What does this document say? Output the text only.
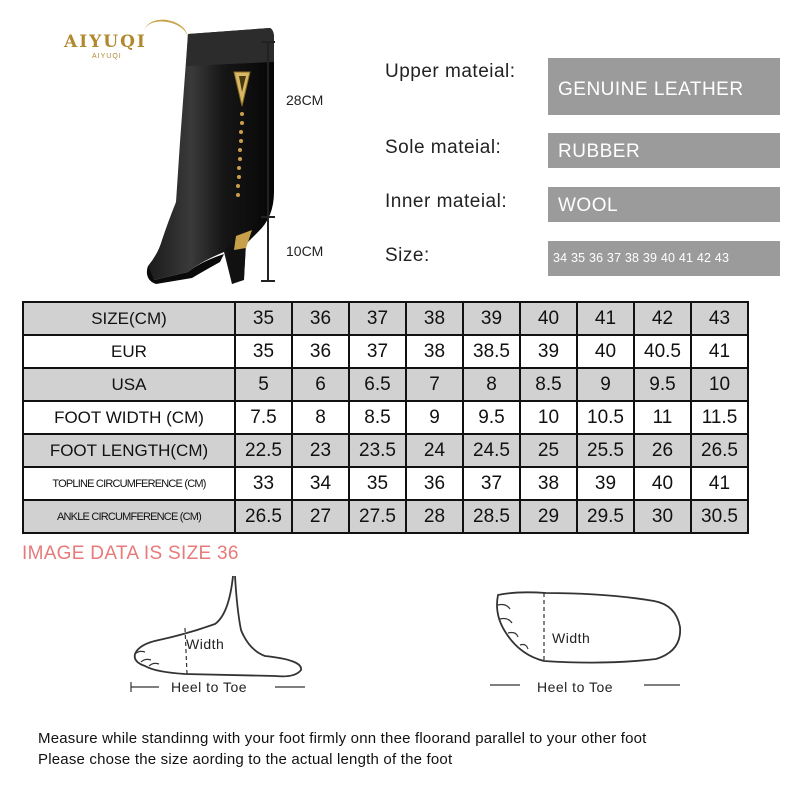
AIYUQI
AIYUQI
28CM
10CM
Upper mateial:
GENUINE LEATHER
Sole mateial:	RUBBER
Inner mateial:	WOOL
Size:	34 35 36 37 38 39 40 41 42 43
SIZE(CM)	35	36	37	38	39	40	41	42	43
EUR	35	36	37	38	38.5	39	40	40.5	41
USA	5	6	6.5	7	8	8.5	9	9.5	10
FOOT WIDTH (CM)	7.5	8	8.5	9	9.5	10	10.5	11	11.5
FOOT LENGTH(CM)	22.5	23	23.5	24	24.5	25	25.5	26	26.5
TOPLINE CIRCUMFERENCE (CM)	33	34	35	36	37	38	39	40	41
ANKLE CIRCUMFERENCE (CM)	26.5	27	27.5	28	28.5	29	29.5	30	30.5
IMAGE DATA IS SIZE 36
Width
Heel to Toe
Width
Heel to Toe
Measure while standinng with your foot firmly onn thee floorand parallel to your other foot
Please chose the size aording to the actual length of the foot
